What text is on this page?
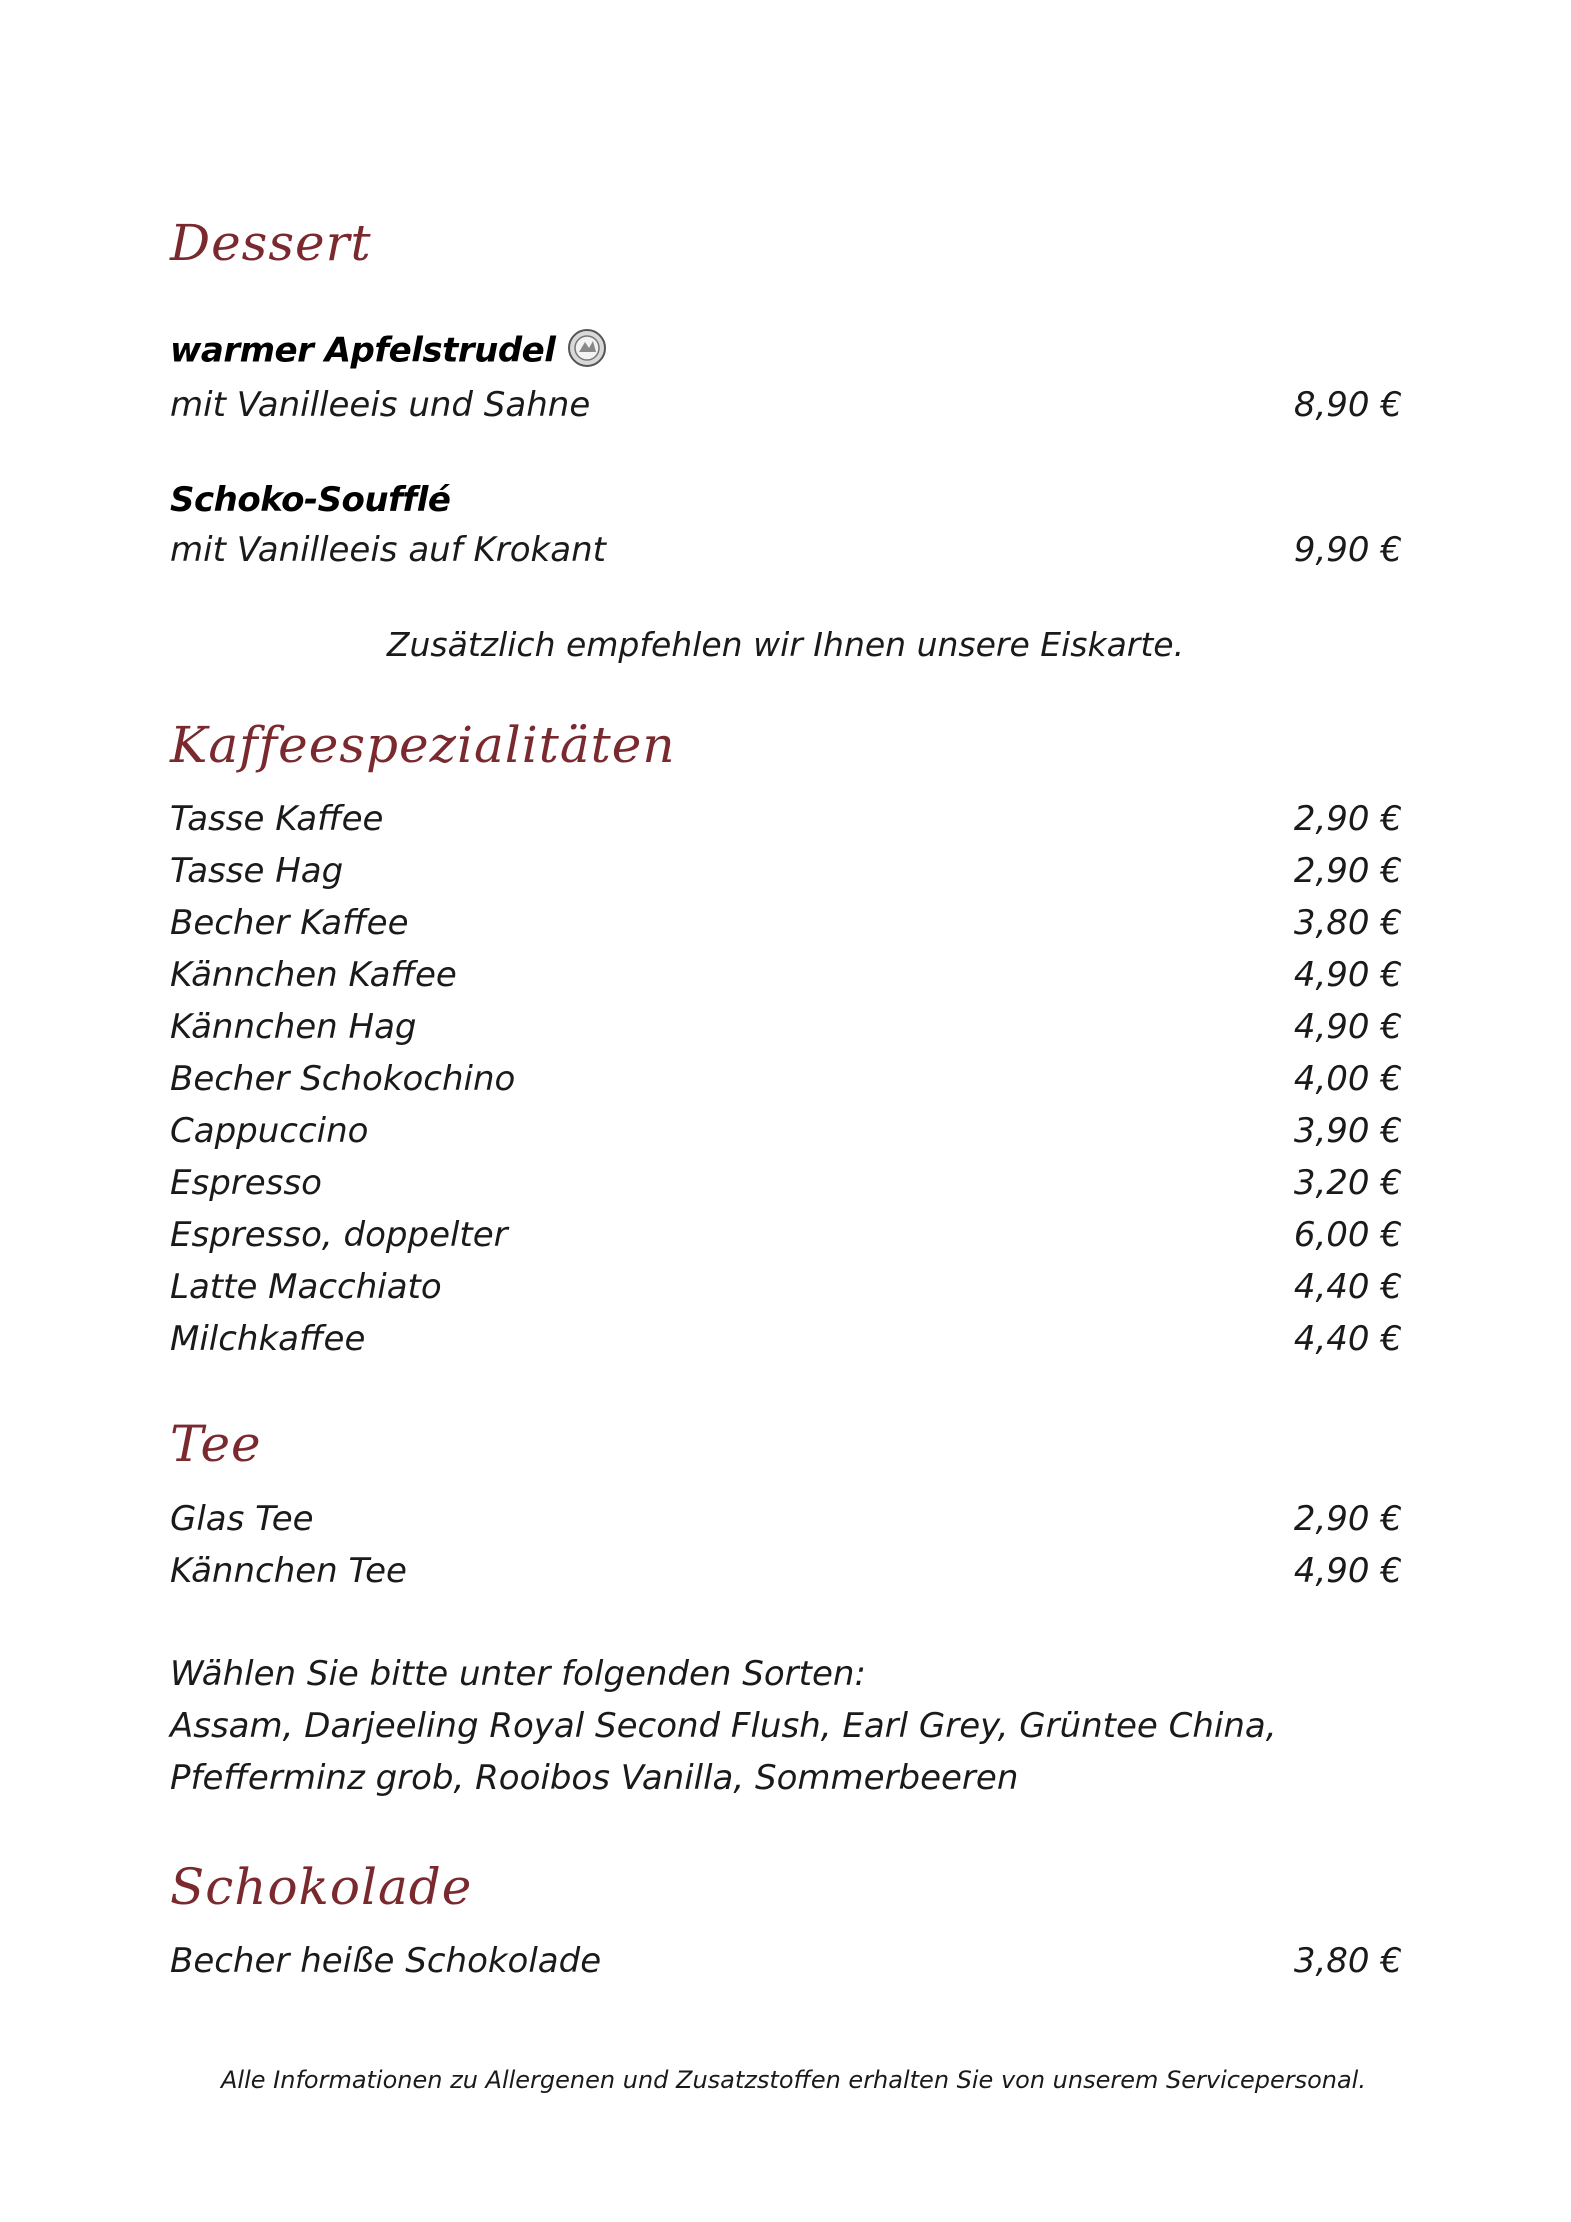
Dessert
warmer Apfelstrudel
mit Vanilleeis und Sahne	8,90 €
Schoko-Soufflé
mit Vanilleeis auf Krokant	9,90 €
Zusätzlich empfehlen wir Ihnen unsere Eiskarte.
Kaffeespezialitäten
Tasse Kaffee	2,90 €
Tasse Hag	2,90 €
Becher Kaffee	3,80 €
Kännchen Kaffee	4,90 €
Kännchen Hag	4,90 €
Becher Schokochino	4,00 €
Cappuccino	3,90 €
Espresso	3,20 €
Espresso, doppelter	6,00 €
Latte Macchiato	4,40 €
Milchkaffee	4,40 €
Tee
Glas Tee	2,90 €
Kännchen Tee	4,90 €
Wählen Sie bitte unter folgenden Sorten:
Assam, Darjeeling Royal Second Flush, Earl Grey, Grüntee China,
Pfefferminz grob, Rooibos Vanilla, Sommerbeeren
Schokolade
Becher heiße Schokolade	3,80 €
Alle Informationen zu Allergenen und Zusatzstoffen erhalten Sie von unserem Servicepersonal.
